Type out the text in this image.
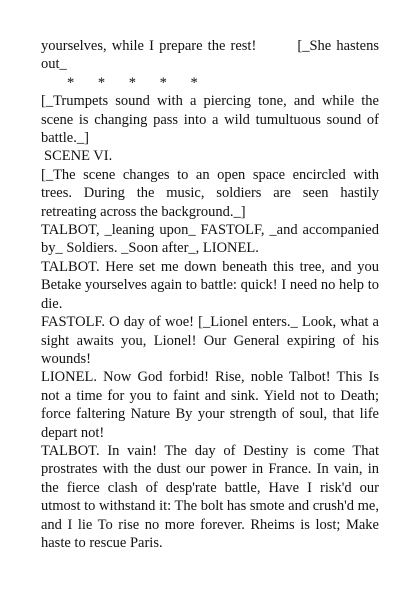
yourselves, while I prepare the rest!	[_She hastens out_

* * * * *

[_Trumpets sound with a piercing tone, and while the scene is changing pass into a wild tumultuous sound of battle._]

SCENE VI.

[_The scene changes to an open space encircled with trees. During the music, soldiers are seen hastily retreating across the background._]

TALBOT, _leaning upon_ FASTOLF, _and accompanied by_ Soldiers. _Soon after_, LIONEL.

TALBOT. Here set me down beneath this tree, and you Betake yourselves again to battle: quick! I need no help to die.

FASTOLF. O day of woe! [_Lionel enters._ Look, what a sight awaits you, Lionel! Our General expiring of his wounds!

LIONEL. Now God forbid! Rise, noble Talbot! This Is not a time for you to faint and sink. Yield not to Death; force faltering Nature By your strength of soul, that life depart not!

TALBOT. In vain! The day of Destiny is come That prostrates with the dust our power in France. In vain, in the fierce clash of desp'rate battle, Have I risk'd our utmost to withstand it: The bolt has smote and crush'd me, and I lie To rise no more forever. Rheims is lost; Make haste to rescue Paris.
